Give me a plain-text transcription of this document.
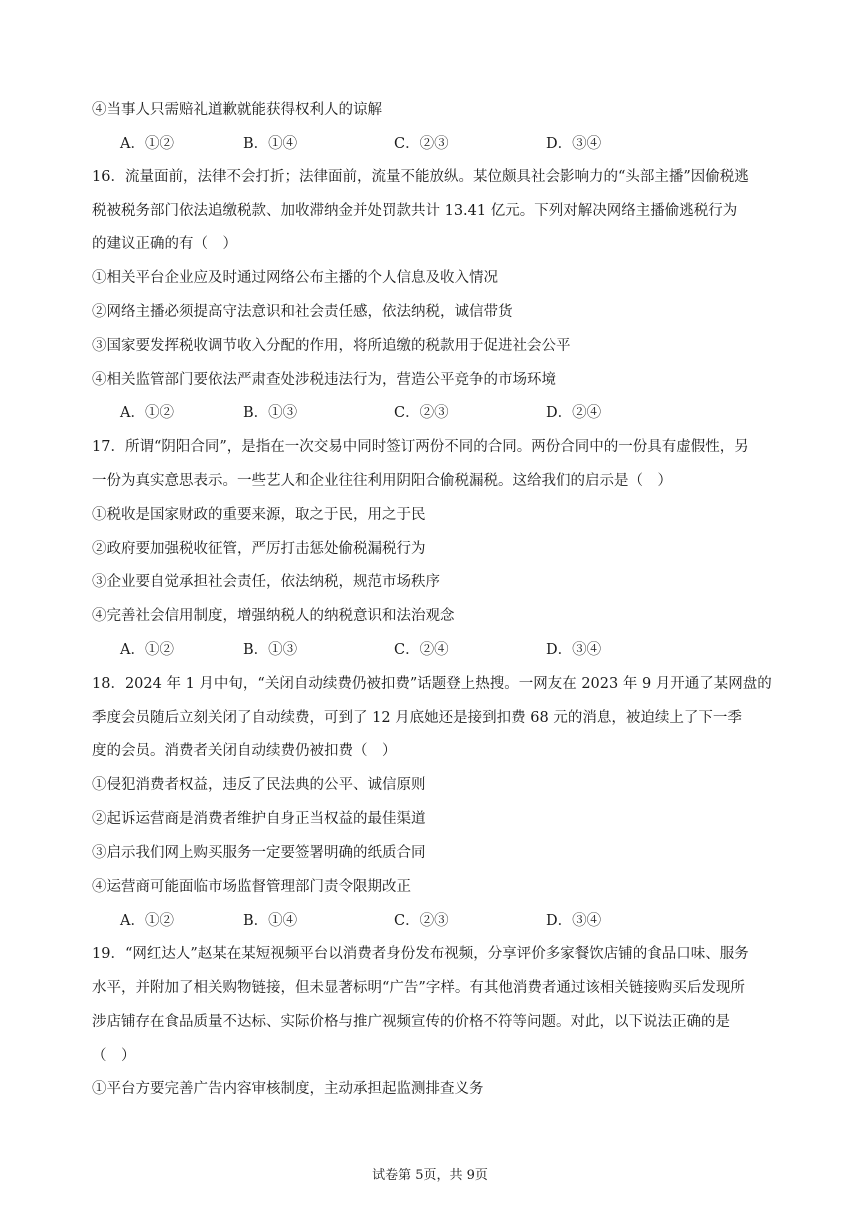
④当事人只需赔礼道歉就能获得权利人的谅解
A．①②	B．①④	C．②③	D．③④
16．流量面前，法律不会打折；法律面前，流量不能放纵。某位颇具社会影响力的“头部主播”因偷税逃
税被税务部门依法追缴税款、加收滞纳金并处罚款共计 13.41 亿元。下列对解决网络主播偷逃税行为
的建议正确的有（　）
①相关平台企业应及时通过网络公布主播的个人信息及收入情况
②网络主播必须提高守法意识和社会责任感，依法纳税，诚信带货
③国家要发挥税收调节收入分配的作用，将所追缴的税款用于促进社会公平
④相关监管部门要依法严肃查处涉税违法行为，营造公平竞争的市场环境
A．①②	B．①③	C．②③	D．②④
17．所谓“阴阳合同”，是指在一次交易中同时签订两份不同的合同。两份合同中的一份具有虚假性，另
一份为真实意思表示。一些艺人和企业往往利用阴阳合偷税漏税。这给我们的启示是（　）
①税收是国家财政的重要来源，取之于民，用之于民
②政府要加强税收征管，严厉打击惩处偷税漏税行为
③企业要自觉承担社会责任，依法纳税，规范市场秩序
④完善社会信用制度，增强纳税人的纳税意识和法治观念
A．①②	B．①③	C．②④	D．③④
18．2024 年 1 月中旬，“关闭自动续费仍被扣费”话题登上热搜。一网友在 2023 年 9 月开通了某网盘的
季度会员随后立刻关闭了自动续费，可到了 12 月底她还是接到扣费 68 元的消息，被迫续上了下一季
度的会员。消费者关闭自动续费仍被扣费（　）
①侵犯消费者权益，违反了民法典的公平、诚信原则
②起诉运营商是消费者维护自身正当权益的最佳渠道
③启示我们网上购买服务一定要签署明确的纸质合同
④运营商可能面临市场监督管理部门责令限期改正
A．①②	B．①④	C．②③	D．③④
19．“网红达人”赵某在某短视频平台以消费者身份发布视频，分享评价多家餐饮店铺的食品口味、服务
水平，并附加了相关购物链接，但未显著标明“广告”字样。有其他消费者通过该相关链接购买后发现所
涉店铺存在食品质量不达标、实际价格与推广视频宣传的价格不符等问题。对此，以下说法正确的是
（　）
①平台方要完善广告内容审核制度，主动承担起监测排查义务
试卷第 5页，共 9页
